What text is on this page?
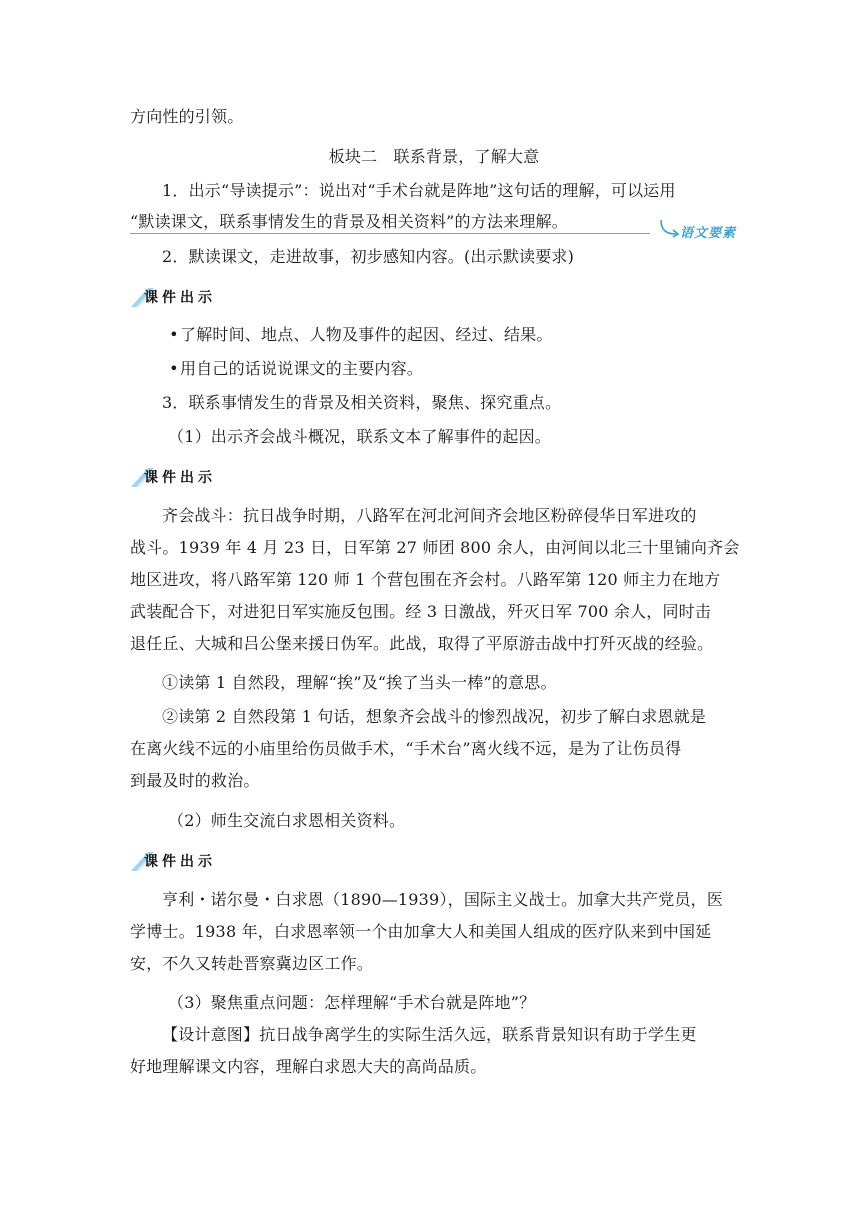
方向性的引领。
板块二　联系背景，了解大意
1．出示“导读提示”：说出对“手术台就是阵地”这句话的理解，可以运用
“默读课文，联系事情发生的背景及相关资料”的方法来理解。
语文要素
2．默读课文，走进故事，初步感知内容。(出示默读要求)
课件出示
•了解时间、地点、人物及事件的起因、经过、结果。
•用自己的话说说课文的主要内容。
3．联系事情发生的背景及相关资料，聚焦、探究重点。
（1）出示齐会战斗概况，联系文本了解事件的起因。
课件出示
齐会战斗：抗日战争时期，八路军在河北河间齐会地区粉碎侵华日军进攻的
战斗。1939 年 4 月 23 日，日军第 27 师团 800 余人，由河间以北三十里铺向齐会
地区进攻，将八路军第 120 师 1 个营包围在齐会村。八路军第 120 师主力在地方
武装配合下，对进犯日军实施反包围。经 3 日激战，歼灭日军 700 余人，同时击
退任丘、大城和吕公堡来援日伪军。此战，取得了平原游击战中打歼灭战的经验。
①读第 1 自然段，理解“挨”及“挨了当头一棒”的意思。
②读第 2 自然段第 1 句话，想象齐会战斗的惨烈战况，初步了解白求恩就是
在离火线不远的小庙里给伤员做手术，“手术台”离火线不远，是为了让伤员得
到最及时的救治。
（2）师生交流白求恩相关资料。
课件出示
亨利・诺尔曼・白求恩（1890—1939），国际主义战士。加拿大共产党员，医
学博士。1938 年，白求恩率领一个由加拿大人和美国人组成的医疗队来到中国延
安，不久又转赴晋察冀边区工作。
（3）聚焦重点问题：怎样理解“手术台就是阵地”？
【设计意图】抗日战争离学生的实际生活久远，联系背景知识有助于学生更
好地理解课文内容，理解白求恩大夫的高尚品质。
